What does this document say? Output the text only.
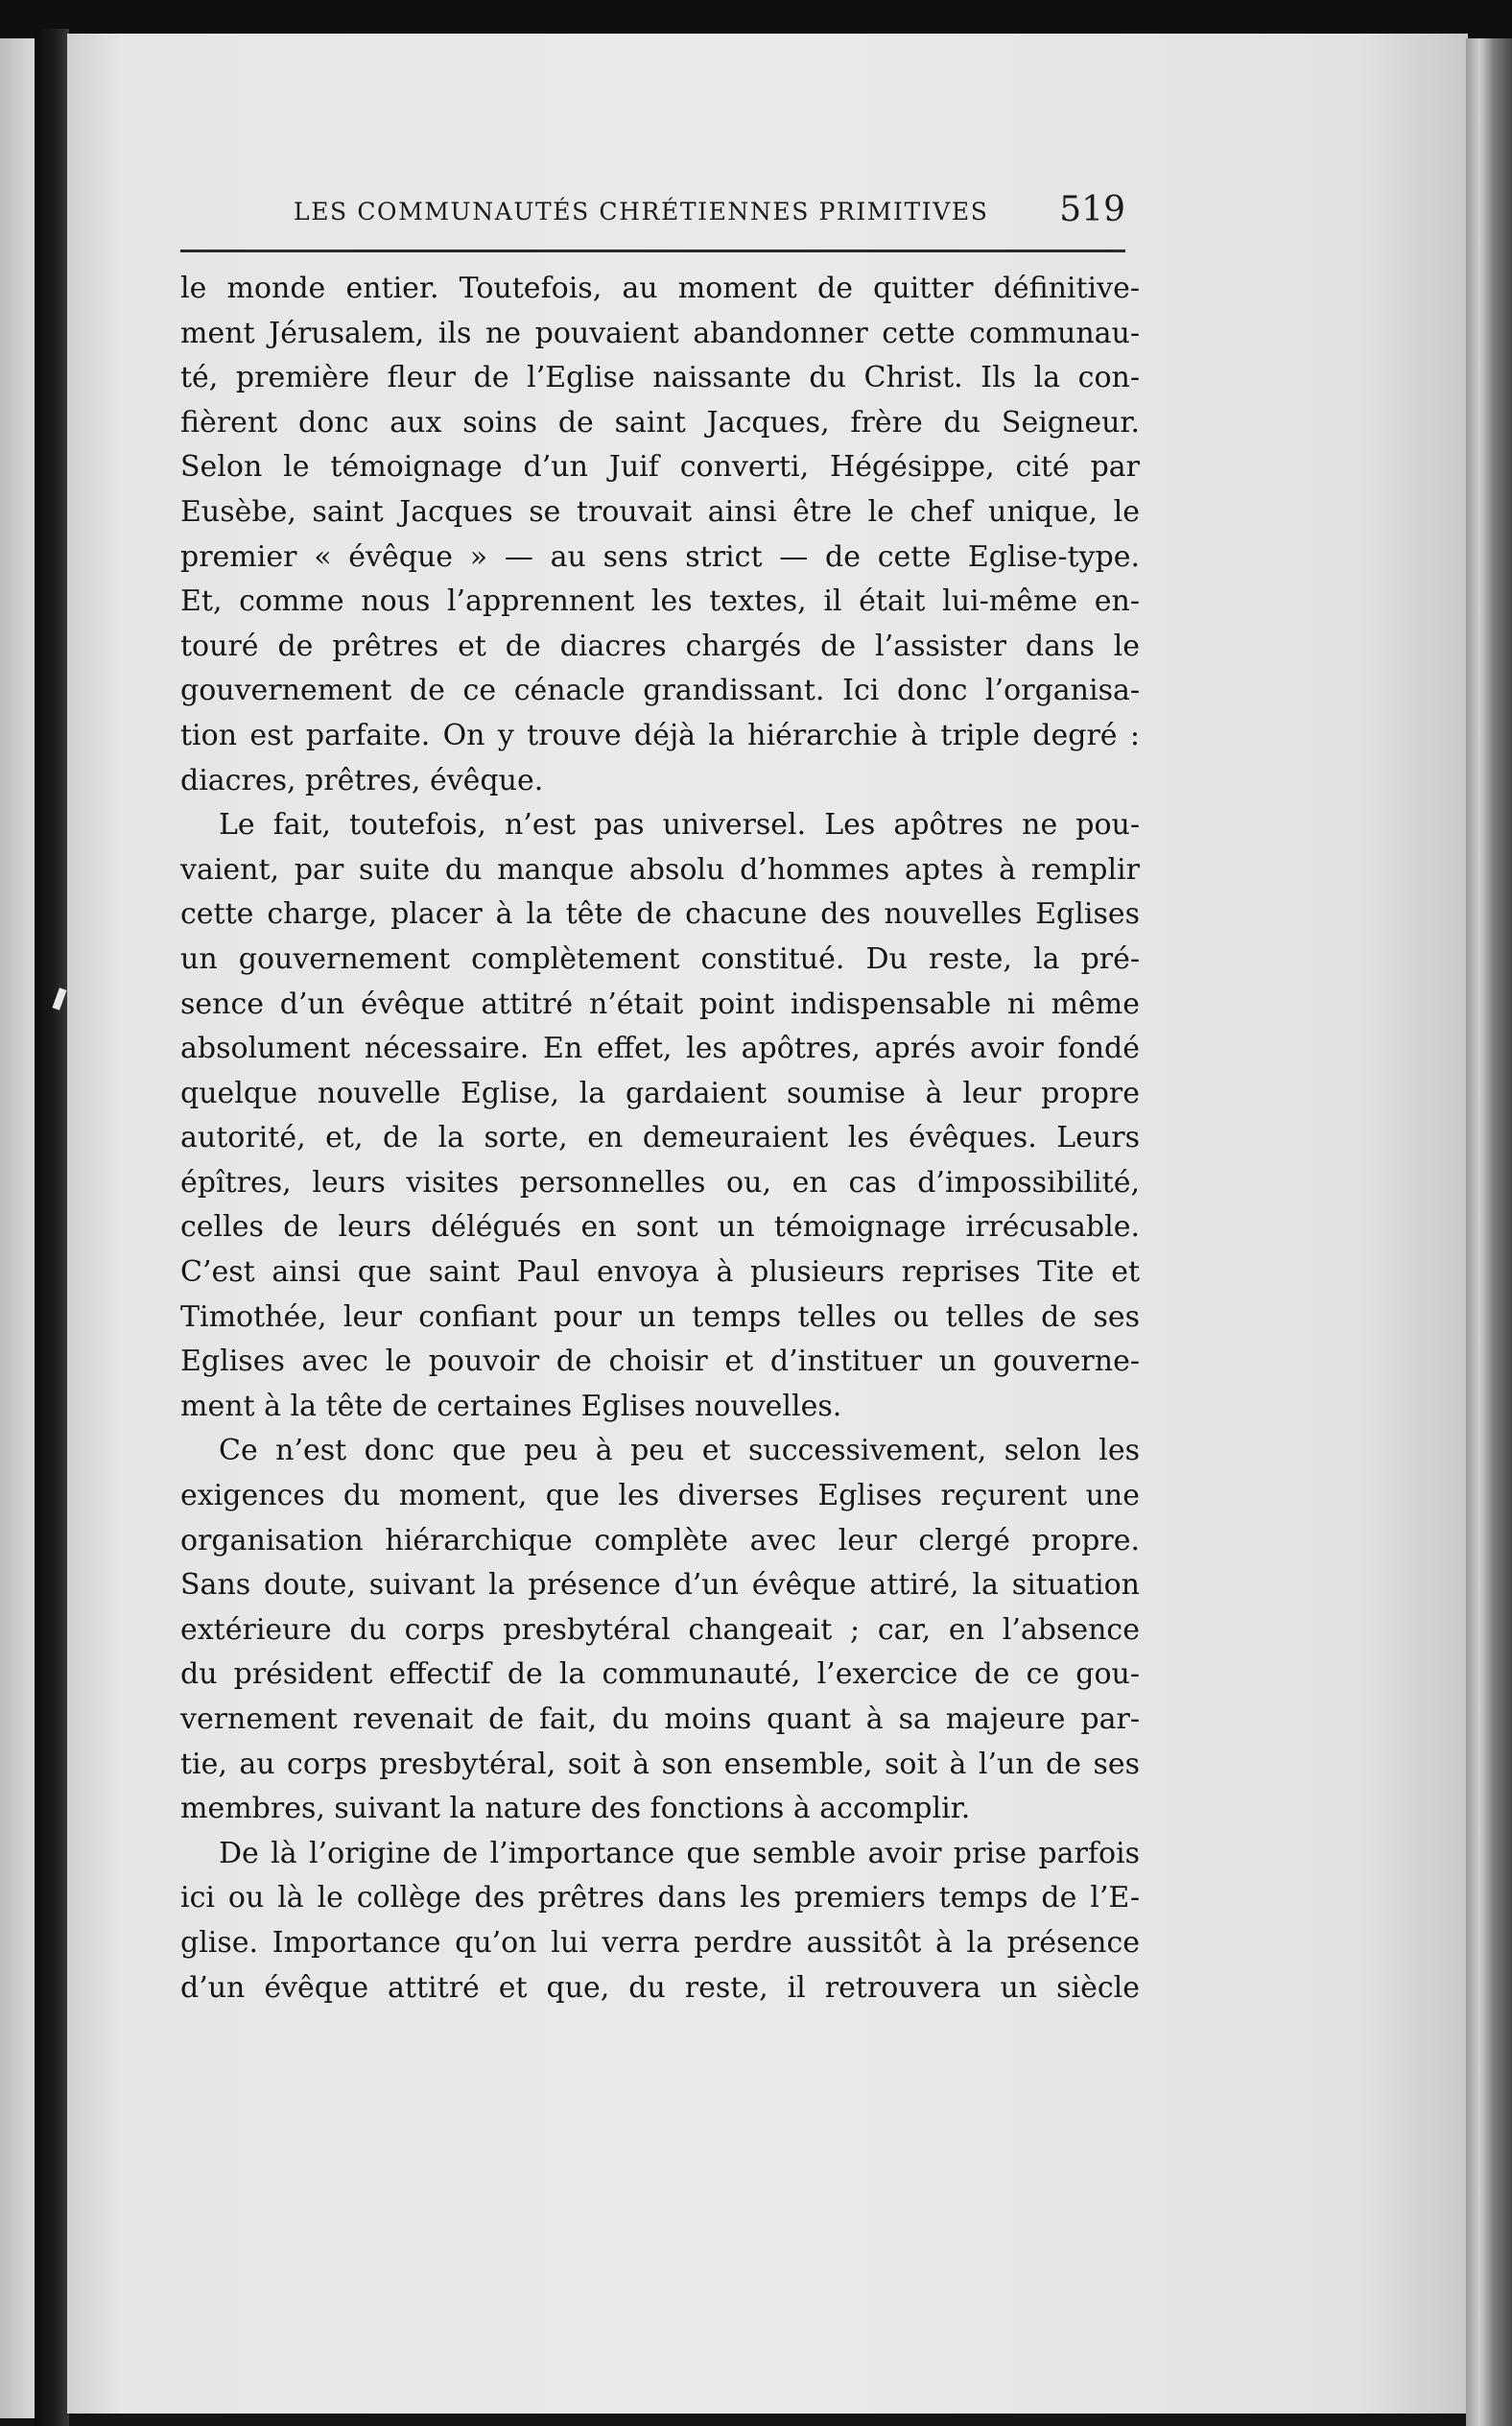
LES COMMUNAUTÉS CHRÉTIENNES PRIMITIVES 519
le monde entier. Toutefois, au moment de quitter définitive-
ment Jérusalem, ils ne pouvaient abandonner cette communau-
té, première fleur de l’Eglise naissante du Christ. Ils la con-
fièrent donc aux soins de saint Jacques, frère du Seigneur.
Selon le témoignage d’un Juif converti, Hégésippe, cité par
Eusèbe, saint Jacques se trouvait ainsi être le chef unique, le
premier « évêque » — au sens strict — de cette Eglise-type.
Et, comme nous l’apprennent les textes, il était lui-même en-
touré de prêtres et de diacres chargés de l’assister dans le
gouvernement de ce cénacle grandissant. Ici donc l’organisa-
tion est parfaite. On y trouve déjà la hiérarchie à triple degré :
diacres, prêtres, évêque.
Le fait, toutefois, n’est pas universel. Les apôtres ne pou-
vaient, par suite du manque absolu d’hommes aptes à remplir
cette charge, placer à la tête de chacune des nouvelles Eglises
un gouvernement complètement constitué. Du reste, la pré-
sence d’un évêque attitré n’était point indispensable ni même
absolument nécessaire. En effet, les apôtres, aprés avoir fondé
quelque nouvelle Eglise, la gardaient soumise à leur propre
autorité, et, de la sorte, en demeuraient les évêques. Leurs
épîtres, leurs visites personnelles ou, en cas d’impossibilité,
celles de leurs délégués en sont un témoignage irrécusable.
C’est ainsi que saint Paul envoya à plusieurs reprises Tite et
Timothée, leur confiant pour un temps telles ou telles de ses
Eglises avec le pouvoir de choisir et d’instituer un gouverne-
ment à la tête de certaines Eglises nouvelles.
Ce n’est donc que peu à peu et successivement, selon les
exigences du moment, que les diverses Eglises reçurent une
organisation hiérarchique complète avec leur clergé propre.
Sans doute, suivant la présence d’un évêque attiré, la situation
extérieure du corps presbytéral changeait ; car, en l’absence
du président effectif de la communauté, l’exercice de ce gou-
vernement revenait de fait, du moins quant à sa majeure par-
tie, au corps presbytéral, soit à son ensemble, soit à l’un de ses
membres, suivant la nature des fonctions à accomplir.
De là l’origine de l’importance que semble avoir prise parfois
ici ou là le collège des prêtres dans les premiers temps de l’E-
glise. Importance qu’on lui verra perdre aussitôt à la présence
d’un évêque attitré et que, du reste, il retrouvera un siècle
